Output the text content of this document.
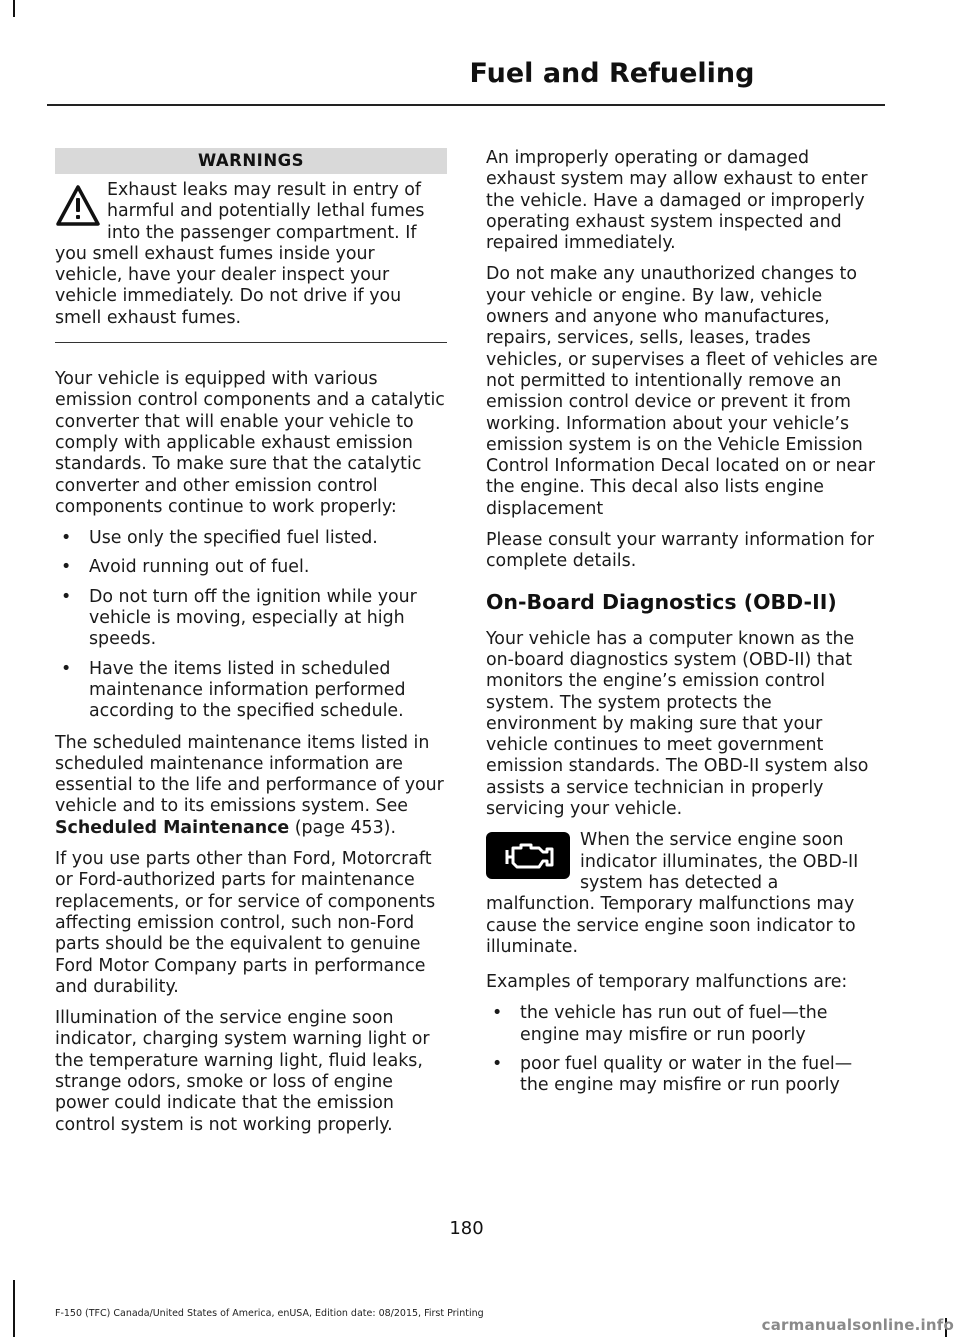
Fuel and Refueling
WARNINGS
Exhaust leaks may result in entry of harmful and potentially lethal fumes into the passenger compartment. If you smell exhaust fumes inside your vehicle, have your dealer inspect your vehicle immediately. Do not drive if you smell exhaust fumes.

Your vehicle is equipped with various emission control components and a catalytic converter that will enable your vehicle to comply with applicable exhaust emission standards. To make sure that the catalytic converter and other emission control components continue to work properly:

• Use only the specified fuel listed.
• Avoid running out of fuel.
• Do not turn off the ignition while your vehicle is moving, especially at high speeds.
• Have the items listed in scheduled maintenance information performed according to the specified schedule.

The scheduled maintenance items listed in scheduled maintenance information are essential to the life and performance of your vehicle and to its emissions system. See Scheduled Maintenance (page 453).

If you use parts other than Ford, Motorcraft or Ford-authorized parts for maintenance replacements, or for service of components affecting emission control, such non-Ford parts should be the equivalent to genuine Ford Motor Company parts in performance and durability.

Illumination of the service engine soon indicator, charging system warning light or the temperature warning light, fluid leaks, strange odors, smoke or loss of engine power could indicate that the emission control system is not working properly.

An improperly operating or damaged exhaust system may allow exhaust to enter the vehicle. Have a damaged or improperly operating exhaust system inspected and repaired immediately.

Do not make any unauthorized changes to your vehicle or engine. By law, vehicle owners and anyone who manufactures, repairs, services, sells, leases, trades vehicles, or supervises a fleet of vehicles are not permitted to intentionally remove an emission control device or prevent it from working. Information about your vehicle’s emission system is on the Vehicle Emission Control Information Decal located on or near the engine. This decal also lists engine displacement

Please consult your warranty information for complete details.

On-Board Diagnostics (OBD-II)

Your vehicle has a computer known as the on-board diagnostics system (OBD-II) that monitors the engine’s emission control system. The system protects the environment by making sure that your vehicle continues to meet government emission standards. The OBD-II system also assists a service technician in properly servicing your vehicle.

When the service engine soon indicator illuminates, the OBD-II system has detected a malfunction. Temporary malfunctions may cause the service engine soon indicator to illuminate.

Examples of temporary malfunctions are:

• the vehicle has run out of fuel—the engine may misfire or run poorly
• poor fuel quality or water in the fuel—the engine may misfire or run poorly
180
F-150 (TFC) Canada/United States of America, enUSA, Edition date: 08/2015, First Printing
carmanualsonline.info
